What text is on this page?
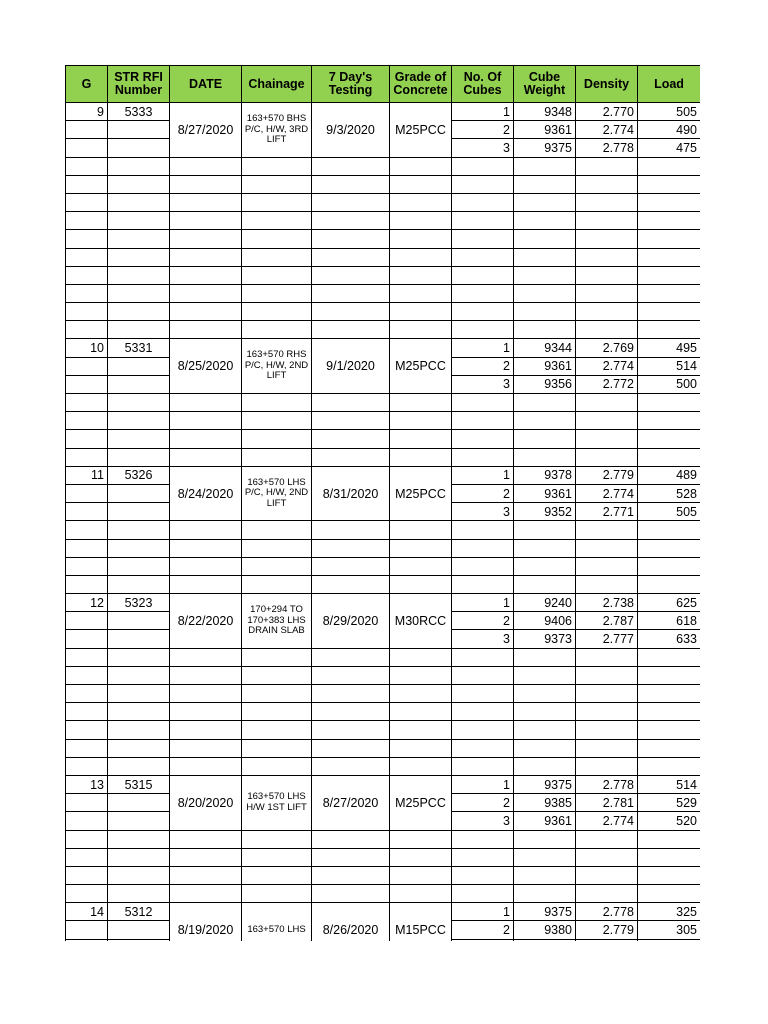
G	STR RFI Number	DATE	Chainage	7 Day's Testing	Grade of Concrete	No. Of Cubes	Cube Weight	Density	Load
9	5333	8/27/2020	163+570 BHS P/C, H/W, 3RD LIFT	9/3/2020	M25PCC	1	9348	2.770	505
						2	9361	2.774	490
						3	9375	2.778	475

10	5331	8/25/2020	163+570 RHS P/C, H/W, 2ND LIFT	9/1/2020	M25PCC	1	9344	2.769	495
						2	9361	2.774	514
						3	9356	2.772	500

11	5326	8/24/2020	163+570 LHS P/C, H/W, 2ND LIFT	8/31/2020	M25PCC	1	9378	2.779	489
						2	9361	2.774	528
						3	9352	2.771	505

12	5323	8/22/2020	170+294 TO 170+383 LHS DRAIN SLAB	8/29/2020	M30RCC	1	9240	2.738	625
						2	9406	2.787	618
						3	9373	2.777	633

13	5315	8/20/2020	163+570 LHS H/W 1ST LIFT	8/27/2020	M25PCC	1	9375	2.778	514
						2	9385	2.781	529
						3	9361	2.774	520

14	5312	8/19/2020	163+570 LHS	8/26/2020	M15PCC	1	9375	2.778	325
						2	9380	2.779	305
